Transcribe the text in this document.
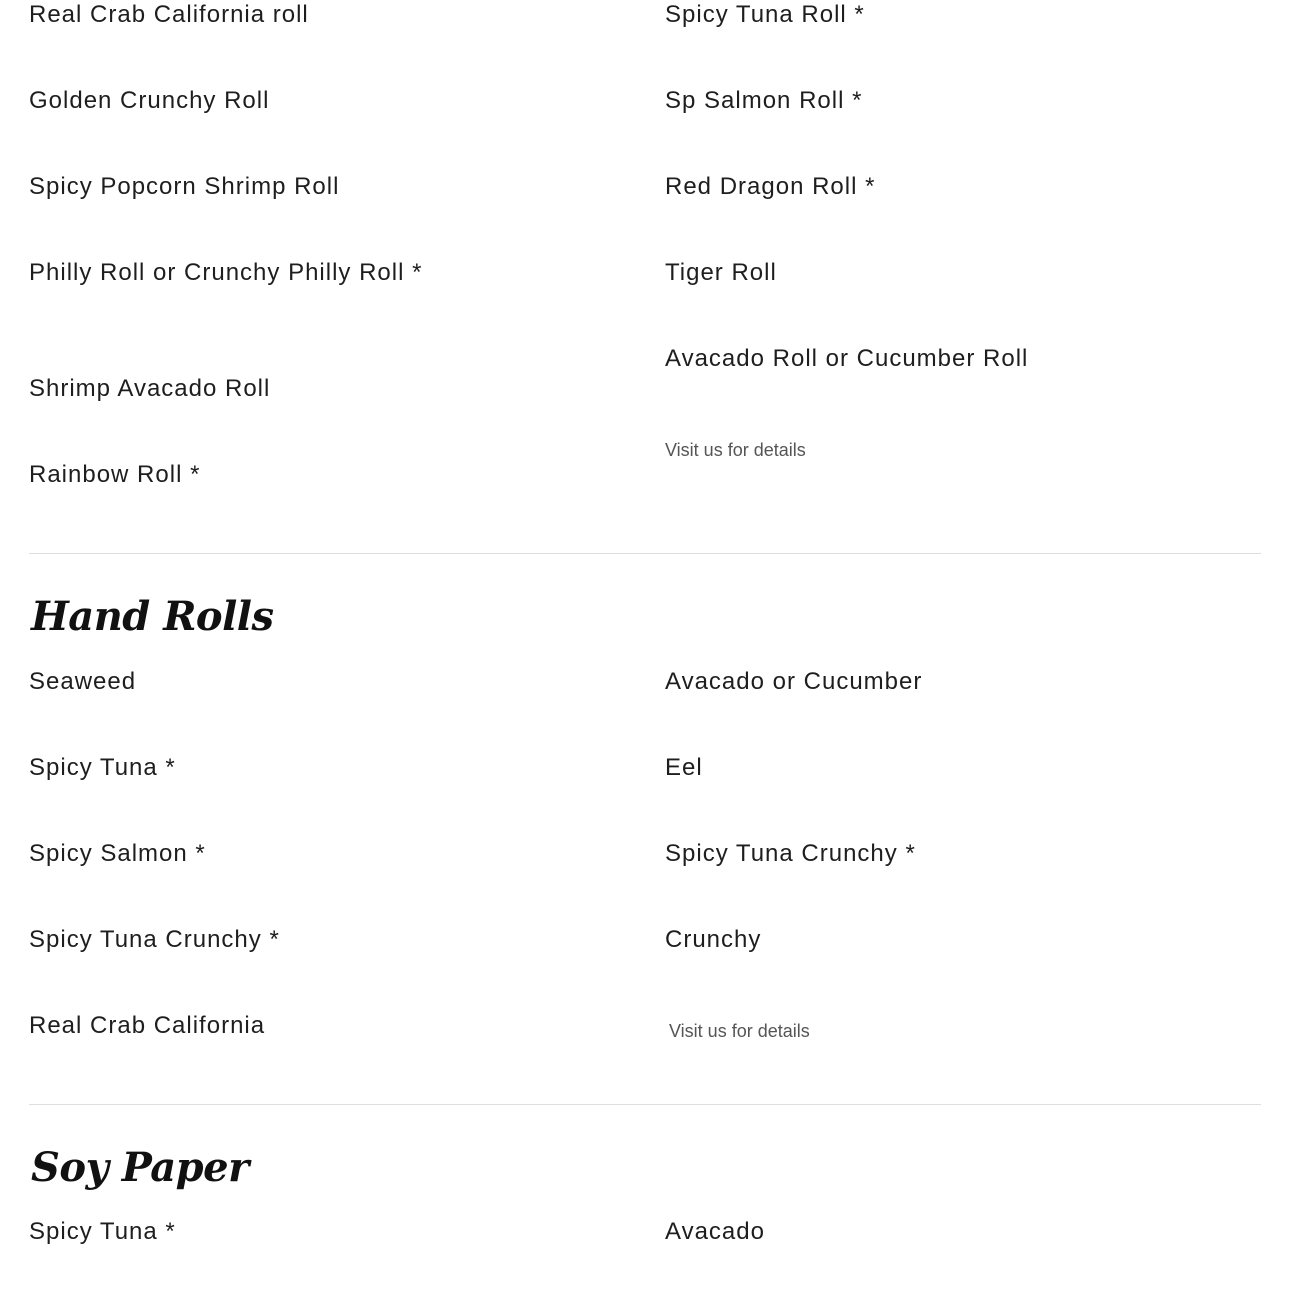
Real Crab California roll
Golden Crunchy Roll
Spicy Popcorn Shrimp Roll
Philly Roll or Crunchy Philly Roll *
Shrimp Avacado Roll
Rainbow Roll *
Spicy Tuna Roll *
Sp Salmon Roll *
Red Dragon Roll *
Tiger Roll
Avacado Roll or Cucumber Roll
Visit us for details
Hand Rolls
Seaweed
Spicy Tuna *
Spicy Salmon *
Spicy Tuna Crunchy *
Real Crab California
Avacado or Cucumber
Eel
Spicy Tuna Crunchy *
Crunchy
Visit us for details
Soy Paper
Spicy Tuna *	Avacado
